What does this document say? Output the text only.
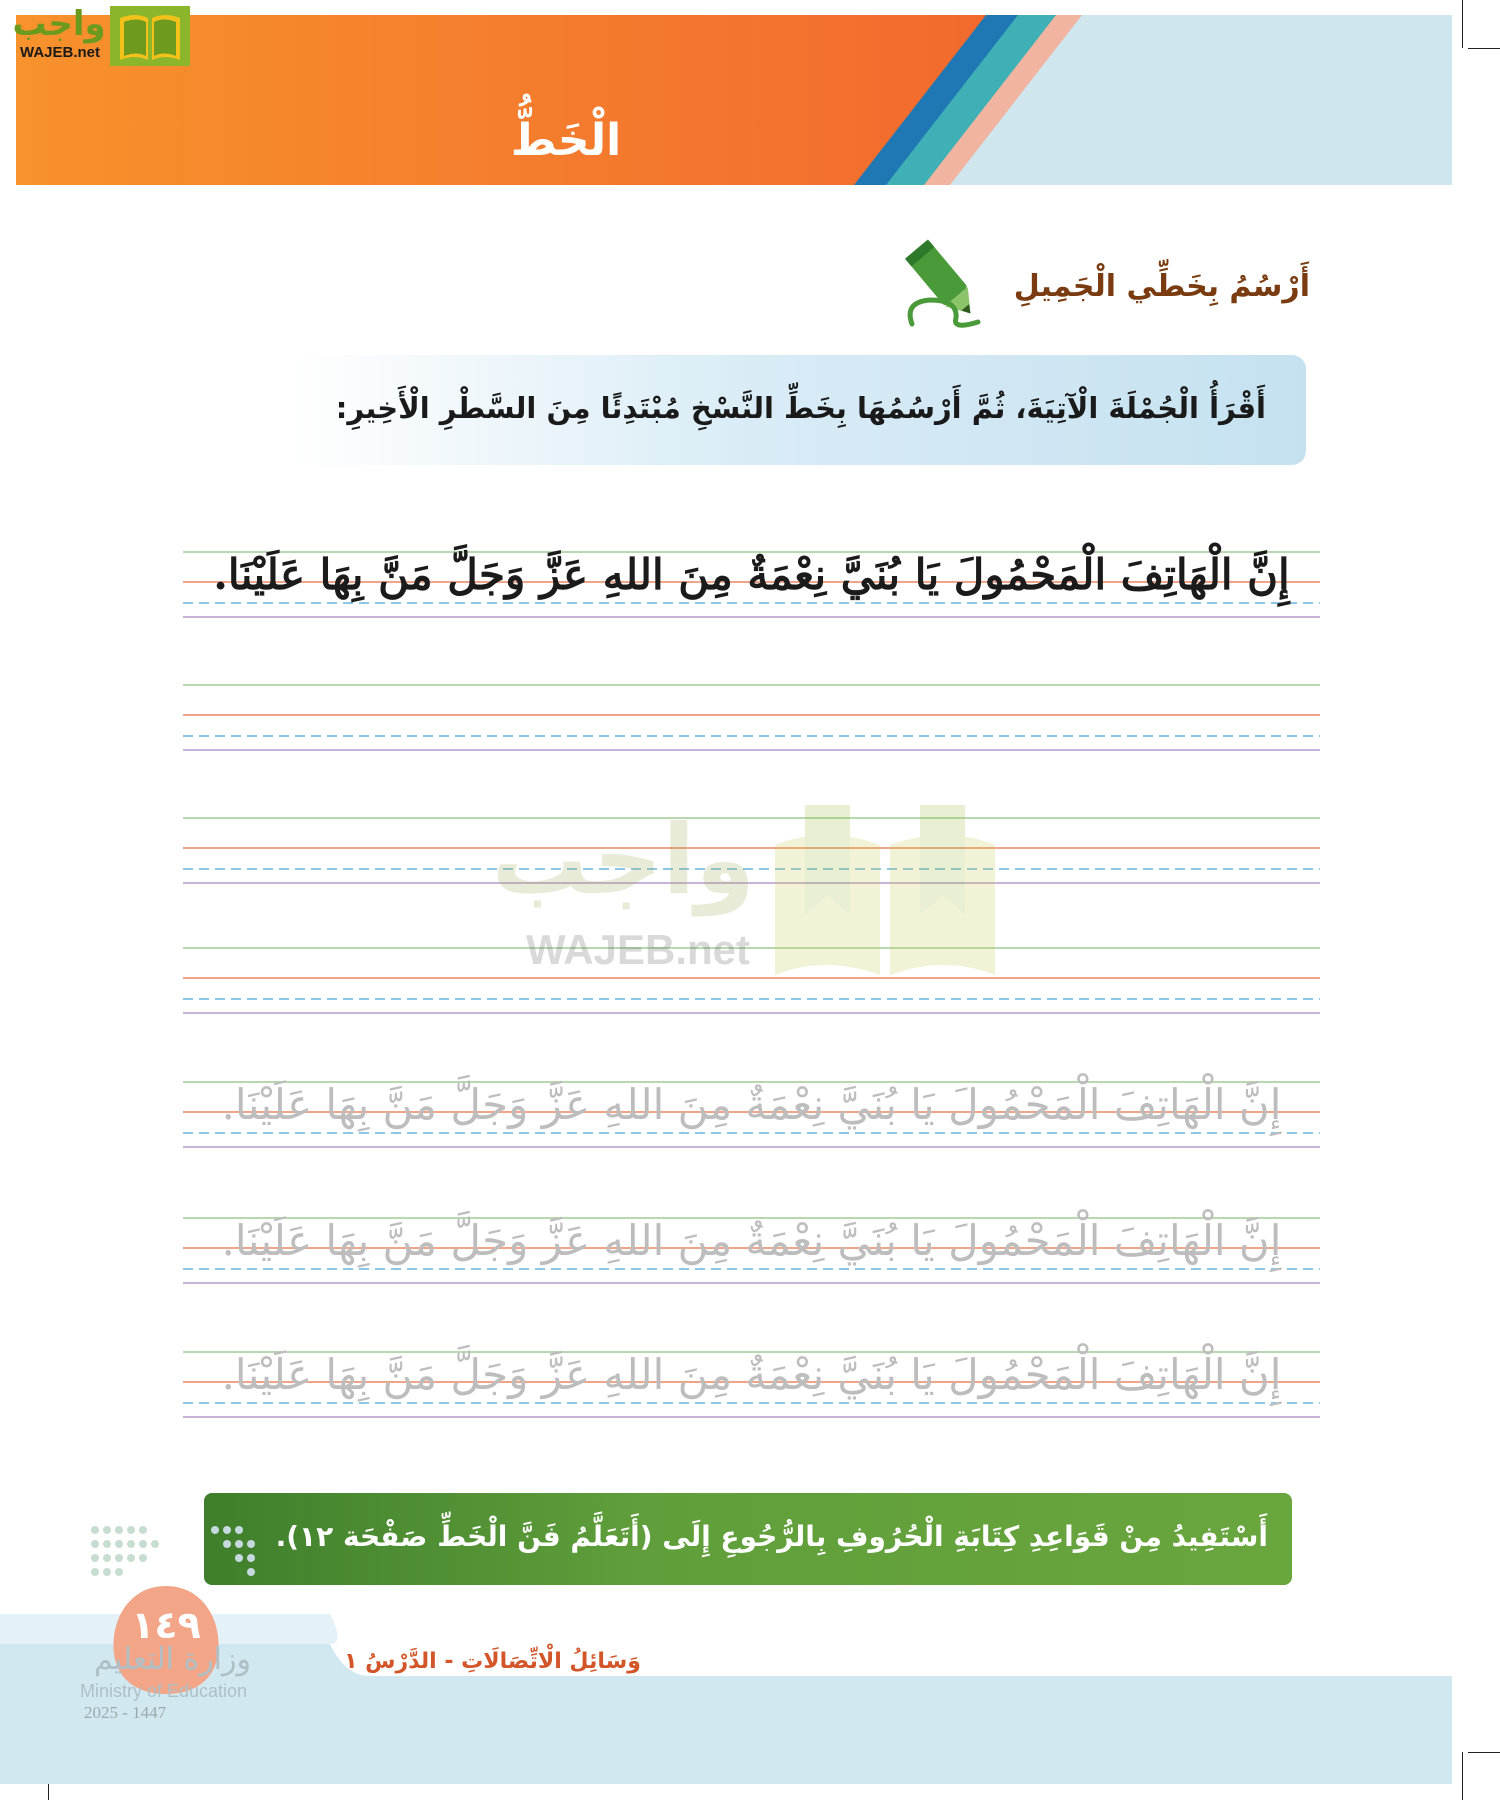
الْخَطُّ
واجب
WAJEB.net
أَرْسُمُ بِخَطِّي الْجَمِيلِ
أَقْرَأُ الْجُمْلَةَ الْآتِيَةَ، ثُمَّ أَرْسُمُهَا بِخَطِّ النَّسْخِ مُبْتَدِئًا مِنَ السَّطْرِ الْأَخِيرِ:
إِنَّ الْهَاتِفَ الْمَحْمُولَ يَا بُنَيَّ نِعْمَةٌ مِنَ اللهِ عَزَّ وَجَلَّ مَنَّ بِهَا عَلَيْنَا.
واجب
WAJEB.net
إِنَّ الْهَاتِفَ الْمَحْمُولَ يَا بُنَيَّ نِعْمَةٌ مِنَ اللهِ عَزَّ وَجَلَّ مَنَّ بِهَا عَلَيْنَا.
إِنَّ الْهَاتِفَ الْمَحْمُولَ يَا بُنَيَّ نِعْمَةٌ مِنَ اللهِ عَزَّ وَجَلَّ مَنَّ بِهَا عَلَيْنَا.
إِنَّ الْهَاتِفَ الْمَحْمُولَ يَا بُنَيَّ نِعْمَةٌ مِنَ اللهِ عَزَّ وَجَلَّ مَنَّ بِهَا عَلَيْنَا.
أَسْتَفِيدُ مِنْ قَوَاعِدِ كِتَابَةِ الْحُرُوفِ بِالرُّجُوعِ إِلَى (أَتَعَلَّمُ فَنَّ الْخَطِّ صَفْحَة ١٢).
١٤٩
وزارة التعليم
Ministry of Education
2025 - 1447
وَسَائِلُ الْاتِّصَالَاتِ - الدَّرْسُ ١
